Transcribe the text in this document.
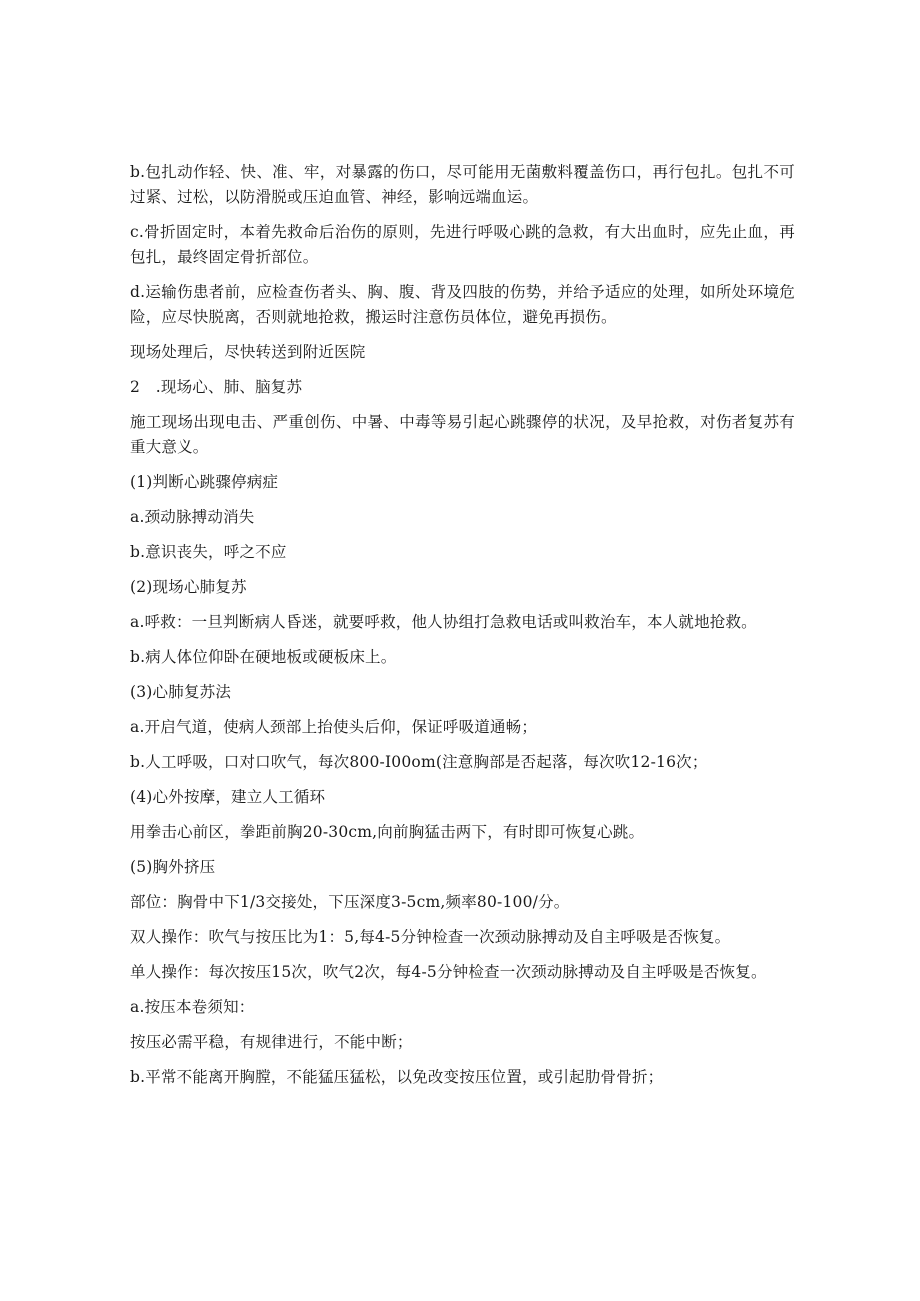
b.包扎动作轻、快、准、牢，对暴露的伤口，尽可能用无菌敷料覆盖伤口，再行包扎。包扎不可过紧、过松，以防滑脱或压迫血管、神经，影响远端血运。

c.骨折固定时，本着先救命后治伤的原则，先进行呼吸心跳的急救，有大出血时，应先止血，再包扎，最终固定骨折部位。

d.运输伤患者前，应检查伤者头、胸、腹、背及四肢的伤势，并给予适应的处理，如所处环境危险，应尽快脱离，否则就地抢救，搬运时注意伤员体位，避免再损伤。

现场处理后，尽快转送到附近医院

2　.现场心、肺、脑复苏

施工现场出现电击、严重创伤、中暑、中毒等易引起心跳骤停的状况，及早抢救，对伤者复苏有重大意义。

(1)判断心跳骤停病症

a.颈动脉搏动消失

b.意识丧失，呼之不应

(2)现场心肺复苏

a.呼救：一旦判断病人昏迷，就要呼救，他人协组打急救电话或叫救治车，本人就地抢救。

b.病人体位仰卧在硬地板或硬板床上。

(3)心肺复苏法

a.开启气道，使病人颈部上抬使头后仰，保证呼吸道通畅；

b.人工呼吸，口对口吹气，每次800-I00om(注意胸部是否起落，每次吹12-16次；

(4)心外按摩，建立人工循环

用拳击心前区，拳距前胸20-30cm,向前胸猛击两下，有时即可恢复心跳。

(5)胸外挤压

部位：胸骨中下1/3交接处，下压深度3-5cm,频率80-100/分。

双人操作：吹气与按压比为1：5,每4-5分钟检查一次颈动脉搏动及自主呼吸是否恢复。

单人操作：每次按压15次，吹气2次，每4-5分钟检查一次颈动脉搏动及自主呼吸是否恢复。

a.按压本卷须知：

按压必需平稳，有规律进行，不能中断；

b.平常不能离开胸膛，不能猛压猛松，以免改变按压位置，或引起肋骨骨折；
